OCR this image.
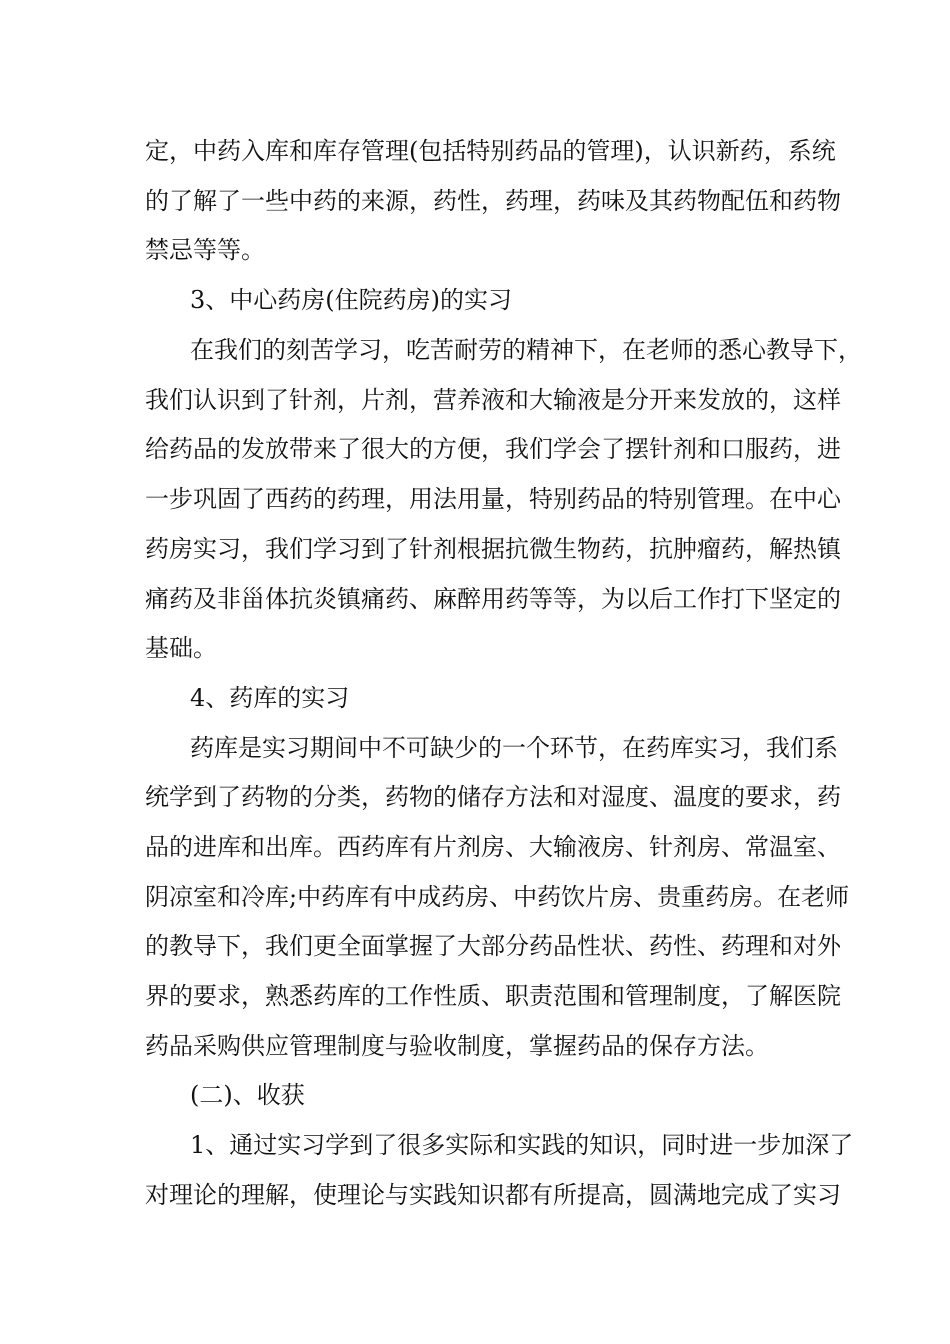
定，中药入库和库存管理(包括特别药品的管理)，认识新药，系统
的了解了一些中药的来源，药性，药理，药味及其药物配伍和药物
禁忌等等。
3、中心药房(住院药房)的实习
在我们的刻苦学习，吃苦耐劳的精神下，在老师的悉心教导下，
我们认识到了针剂，片剂，营养液和大输液是分开来发放的，这样
给药品的发放带来了很大的方便，我们学会了摆针剂和口服药，进
一步巩固了西药的药理，用法用量，特别药品的特别管理。在中心
药房实习，我们学习到了针剂根据抗微生物药，抗肿瘤药，解热镇
痛药及非甾体抗炎镇痛药、麻醉用药等等，为以后工作打下坚定的
基础。
4、药库的实习
药库是实习期间中不可缺少的一个环节，在药库实习，我们系
统学到了药物的分类，药物的储存方法和对湿度、温度的要求，药
品的进库和出库。西药库有片剂房、大输液房、针剂房、常温室、
阴凉室和冷库;中药库有中成药房、中药饮片房、贵重药房。在老师
的教导下，我们更全面掌握了大部分药品性状、药性、药理和对外
界的要求，熟悉药库的工作性质、职责范围和管理制度，了解医院
药品采购供应管理制度与验收制度，掌握药品的保存方法。
(二)、收获
1、通过实习学到了很多实际和实践的知识，同时进一步加深了
对理论的理解，使理论与实践知识都有所提高，圆满地完成了实习
